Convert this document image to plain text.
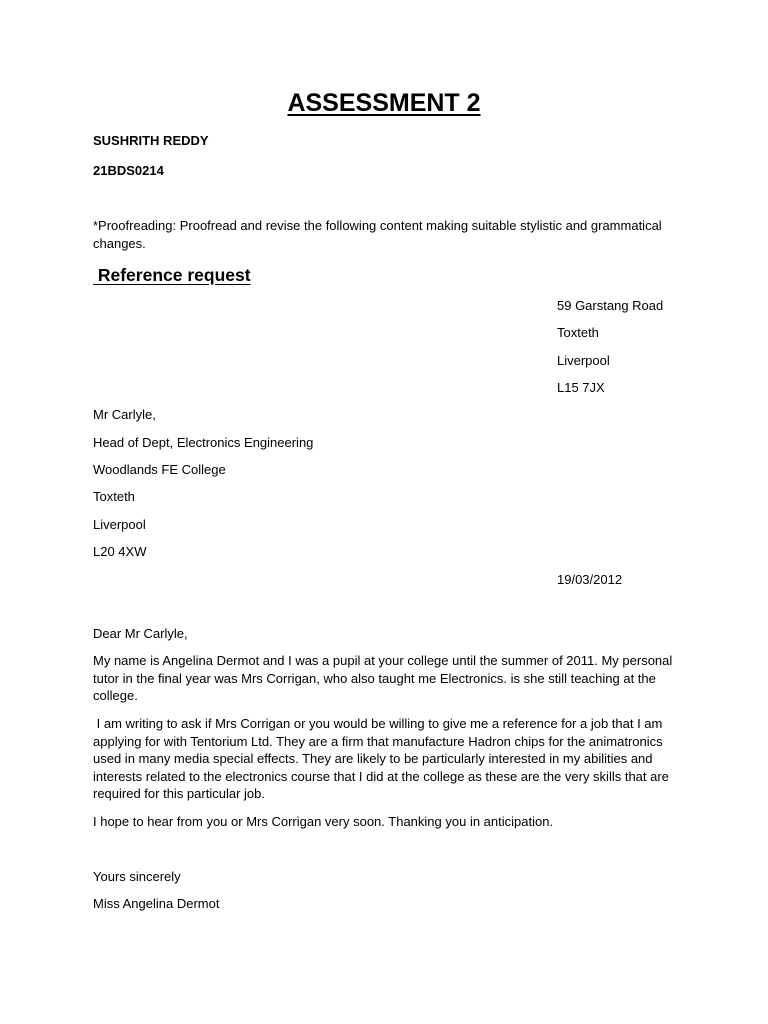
ASSESSMENT 2
SUSHRITH REDDY
21BDS0214
*Proofreading: Proofread and revise the following content making suitable stylistic and grammatical changes.
Reference request
59 Garstang Road
Toxteth
Liverpool
L15 7JX
Mr Carlyle,
Head of Dept, Electronics Engineering
Woodlands FE College
Toxteth
Liverpool
L20 4XW
19/03/2012
Dear Mr Carlyle,
My name is Angelina Dermot and I was a pupil at your college until the summer of 2011. My personal tutor in the final year was Mrs Corrigan, who also taught me Electronics. is she still teaching at the college.
I am writing to ask if Mrs Corrigan or you would be willing to give me a reference for a job that I am applying for with Tentorium Ltd. They are a firm that manufacture Hadron chips for the animatronics used in many media special effects. They are likely to be particularly interested in my abilities and interests related to the electronics course that I did at the college as these are the very skills that are required for this particular job.
I hope to hear from you or Mrs Corrigan very soon. Thanking you in anticipation.
Yours sincerely
Miss Angelina Dermot
